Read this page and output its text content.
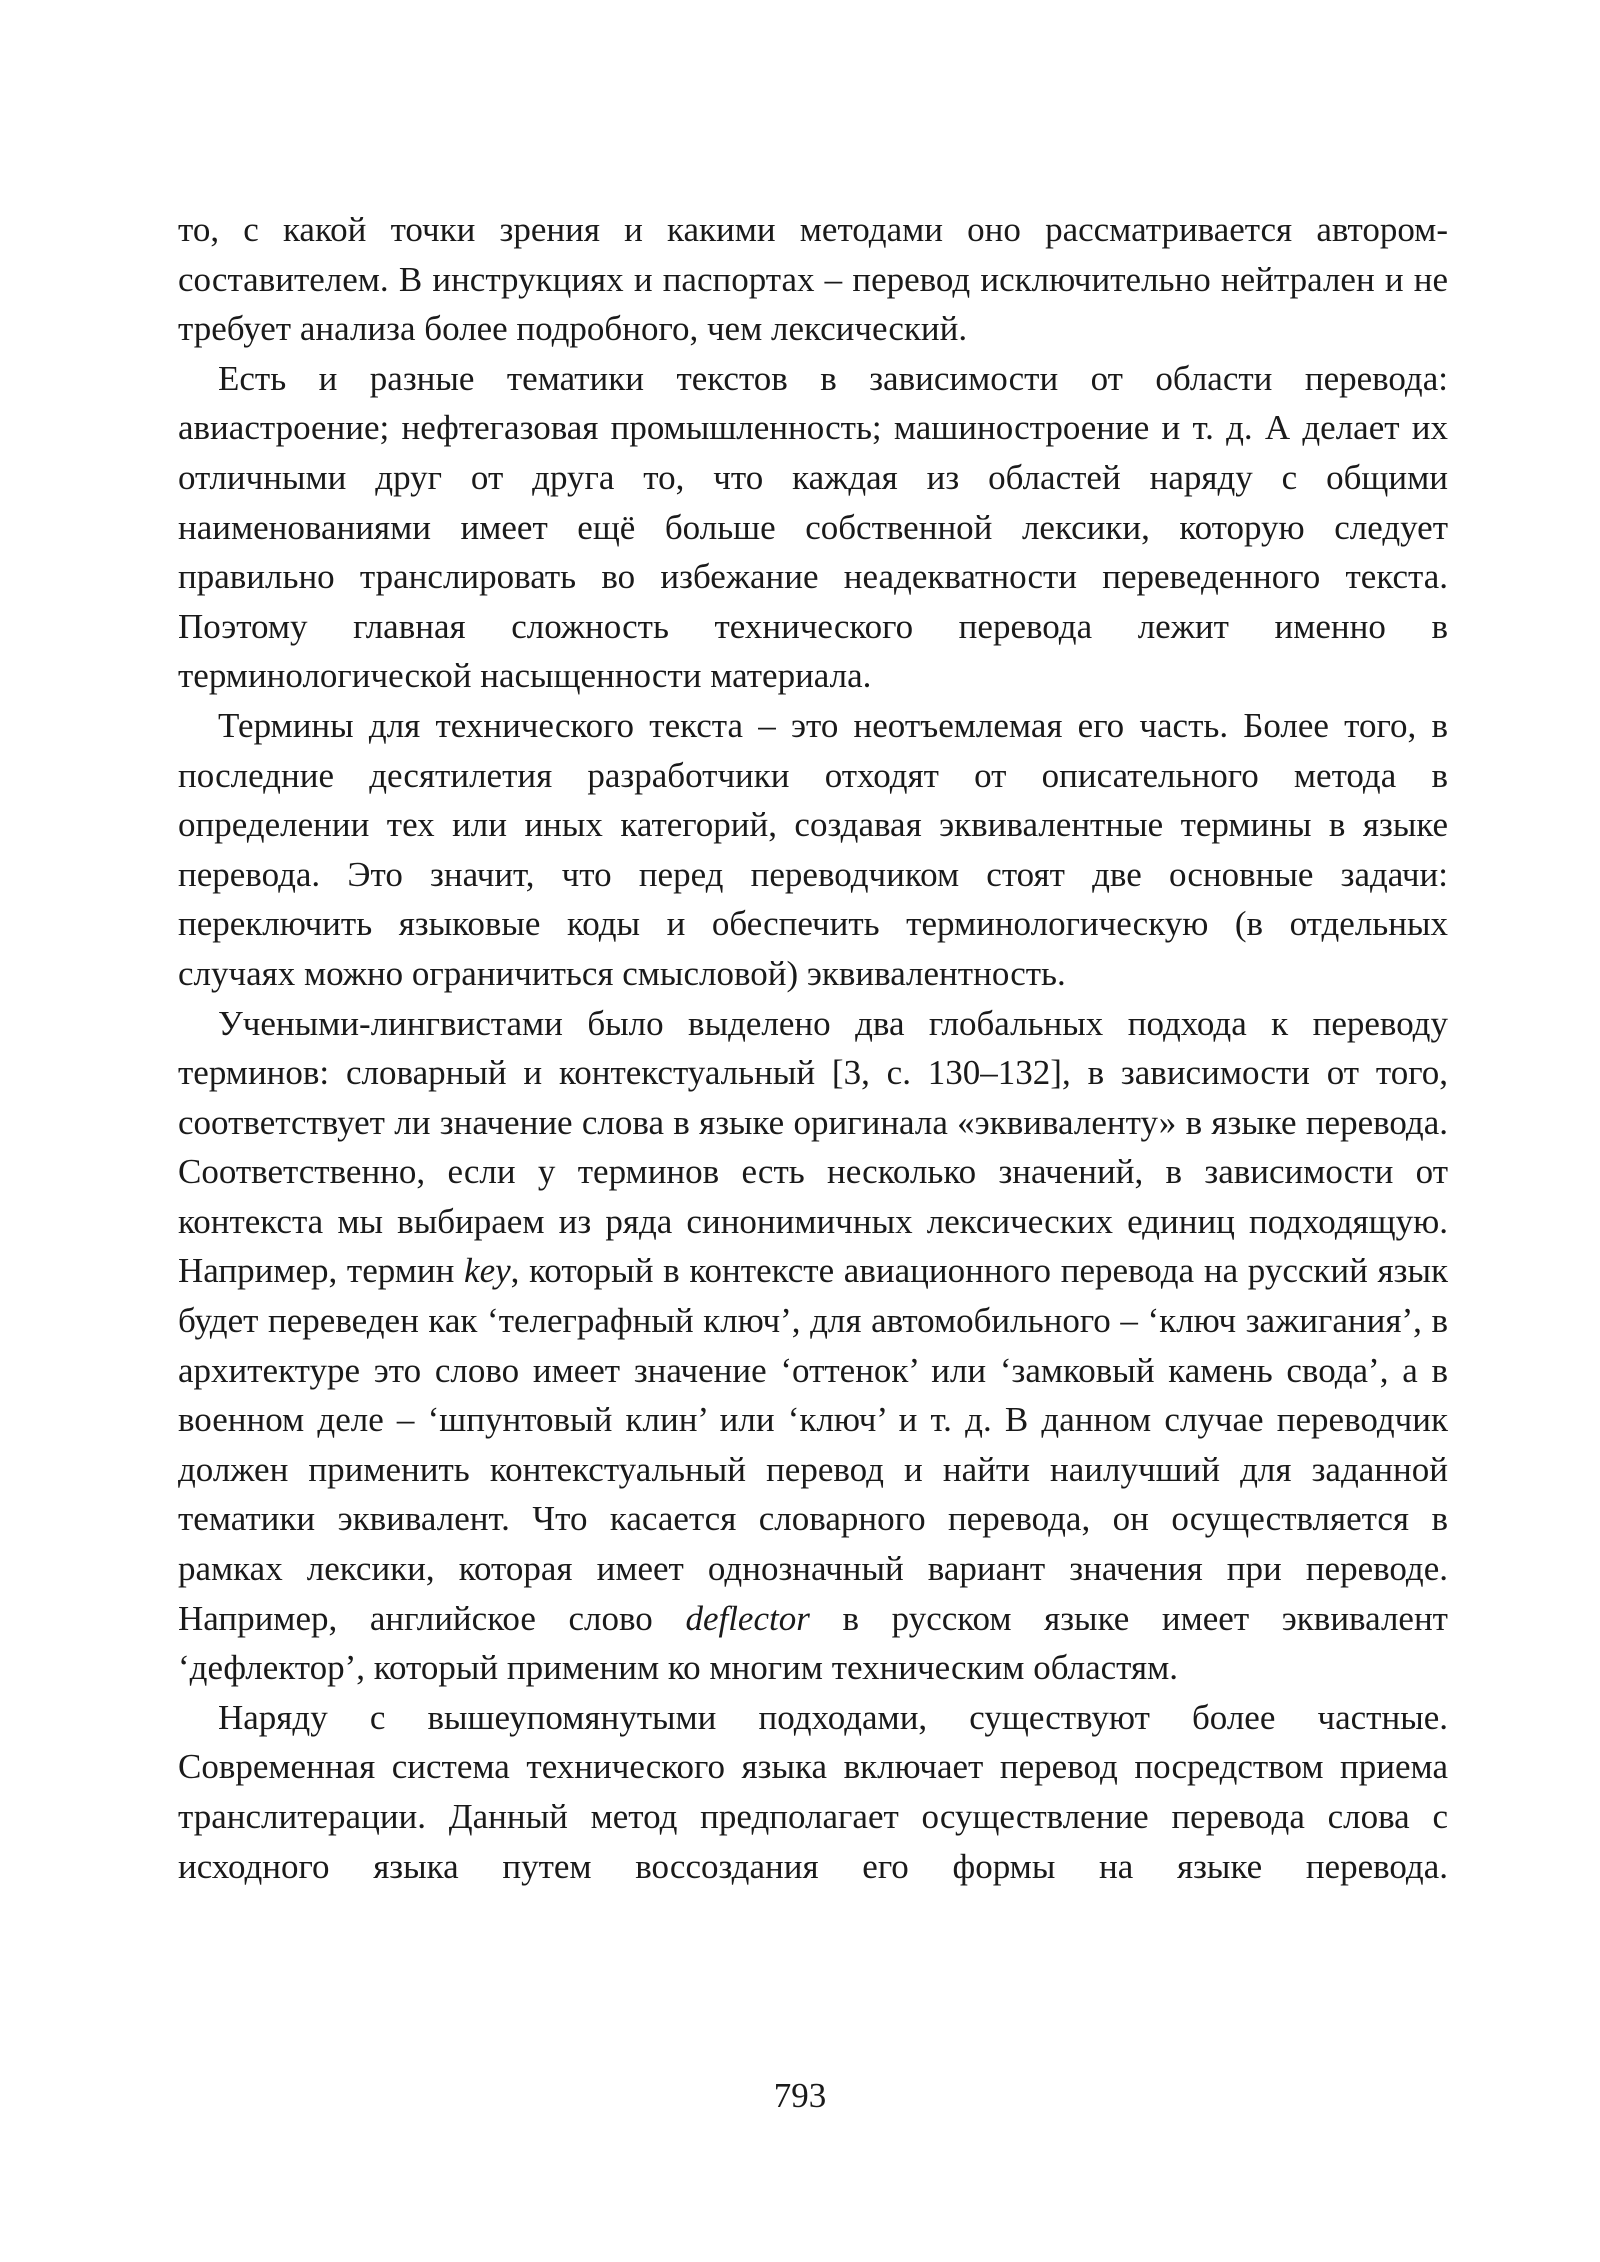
то, с какой точки зрения и какими методами оно рассматривается автором-составителем. В инструкциях и паспортах – перевод исключительно нейтрален и не требует анализа более подробного, чем лексический.

Есть и разные тематики текстов в зависимости от области перевода: авиастроение; нефтегазовая промышленность; машиностроение и т. д. А делает их отличными друг от друга то, что каждая из областей наряду с общими наименованиями имеет ещё больше собственной лексики, которую следует правильно транслировать во избежание неадекватности переведенного текста. Поэтому главная сложность технического перевода лежит именно в терминологической насыщенности материала.

Термины для технического текста – это неотъемлемая его часть. Более того, в последние десятилетия разработчики отходят от описательного метода в определении тех или иных категорий, создавая эквивалентные термины в языке перевода. Это значит, что перед переводчиком стоят две основные задачи: переключить языковые коды и обеспечить терминологическую (в отдельных случаях можно ограничиться смысловой) эквивалентность.

Учеными-лингвистами было выделено два глобальных подхода к переводу терминов: словарный и контекстуальный [3, с. 130–132], в зависимости от того, соответствует ли значение слова в языке оригинала «эквиваленту» в языке перевода. Соответственно, если у терминов есть несколько значений, в зависимости от контекста мы выбираем из ряда синонимичных лексических единиц подходящую. Например, термин key, который в контексте авиационного перевода на русский язык будет переведен как ‘телеграфный ключ’, для автомобильного – ‘ключ зажигания’, в архитектуре это слово имеет значение ‘оттенок’ или ‘замковый камень свода’, а в военном деле – ‘шпунтовый клин’ или ‘ключ’ и т. д. В данном случае переводчик должен применить контекстуальный перевод и найти наилучший для заданной тематики эквивалент. Что касается словарного перевода, он осуществляется в рамках лексики, которая имеет однозначный вариант значения при переводе. Например, английское слово deflector в русском языке имеет эквивалент ‘дефлектор’, который применим ко многим техническим областям.

Наряду с вышеупомянутыми подходами, существуют более частные. Современная система технического языка включает перевод посредством приема транслитерации. Данный метод предполагает осуществление перевода слова с исходного языка путем воссоздания его формы на языке перевода.

793
